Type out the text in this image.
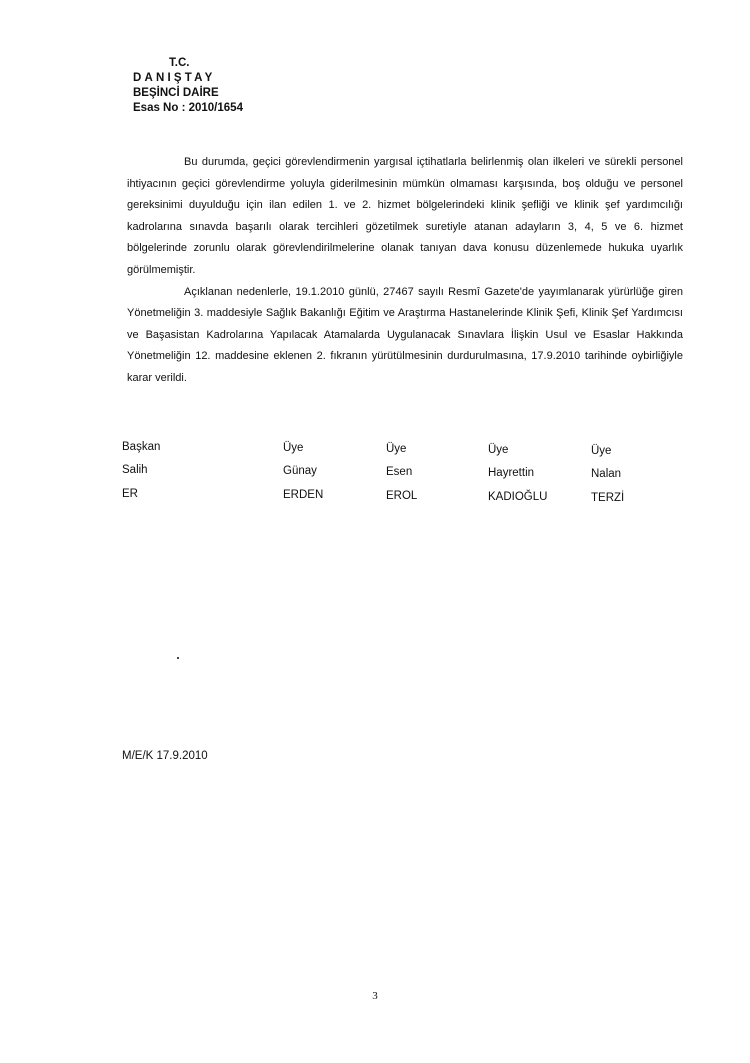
T.C.
DANIŞTAY
BEŞİNCİ DAİRE
Esas No : 2010/1654

Bu durumda, geçici görevlendirmenin yargısal içtihatlarla belirlenmiş olan ilkeleri ve sürekli personel ihtiyacının geçici görevlendirme yoluyla giderilmesinin mümkün olmaması karşısında, boş olduğu ve personel gereksinimi duyulduğu için ilan edilen 1. ve 2. hizmet bölgelerindeki klinik şefliği ve klinik şef yardımcılığı kadrolarına sınavda başarılı olarak tercihleri gözetilmek suretiyle atanan adayların 3, 4, 5 ve 6. hizmet bölgelerinde zorunlu olarak görevlendirilmelerine olanak tanıyan dava konusu düzenlemede hukuka uyarlık görülmemiştir.

Açıklanan nedenlerle, 19.1.2010 günlü, 27467 sayılı Resmî Gazete'de yayımlanarak yürürlüğe giren Yönetmeliğin 3. maddesiyle Sağlık Bakanlığı Eğitim ve Araştırma Hastanelerinde Klinik Şefi, Klinik Şef Yardımcısı ve Başasistan Kadrolarına Yapılacak Atamalarda Uygulanacak Sınavlara İlişkin Usul ve Esaslar Hakkında Yönetmeliğin 12. maddesine eklenen 2. fıkranın yürütülmesinin durdurulmasına, 17.9.2010 tarihinde oybirliğiyle karar verildi.

Başkan
Salih
ER
Üye
Günay
ERDEN
Üye
Esen
EROL
Üye
Hayrettin
KADIOĞLU
Üye
Nalan
TERZİ
M/E/K 17.9.2010
3
